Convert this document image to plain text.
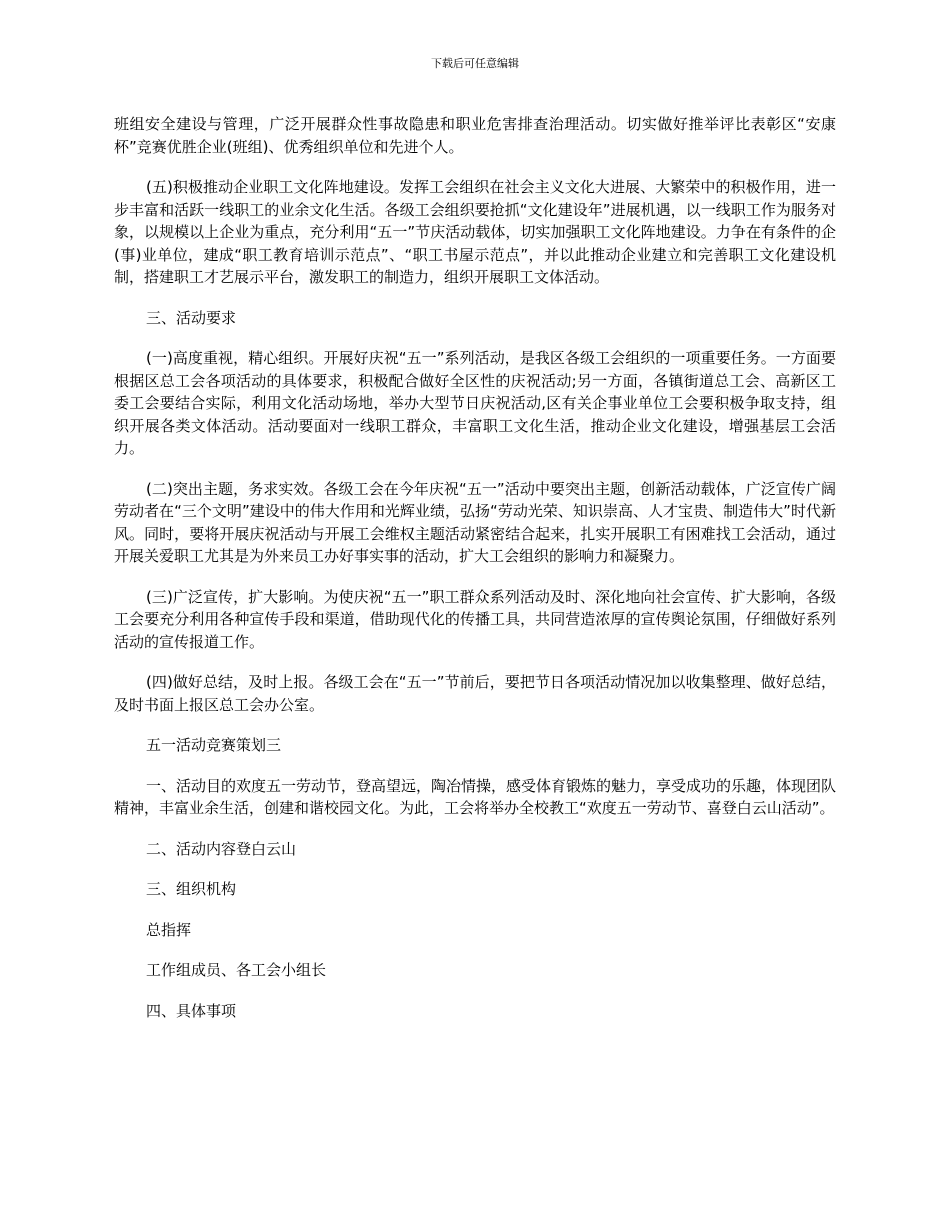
下载后可任意编辑

班组安全建设与管理，广泛开展群众性事故隐患和职业危害排查治理活动。切实做好推举评比表彰区“安康杯”竞赛优胜企业(班组)、优秀组织单位和先进个人。

(五)积极推动企业职工文化阵地建设。发挥工会组织在社会主义文化大进展、大繁荣中的积极作用，进一步丰富和活跃一线职工的业余文化生活。各级工会组织要抢抓“文化建设年”进展机遇，以一线职工作为服务对象，以规模以上企业为重点，充分利用“五一”节庆活动载体，切实加强职工文化阵地建设。力争在有条件的企(事)业单位，建成“职工教育培训示范点”、“职工书屋示范点”，并以此推动企业建立和完善职工文化建设机制，搭建职工才艺展示平台，激发职工的制造力，组织开展职工文体活动。

三、活动要求

(一)高度重视，精心组织。开展好庆祝“五一”系列活动，是我区各级工会组织的一项重要任务。一方面要根据区总工会各项活动的具体要求，积极配合做好全区性的庆祝活动;另一方面，各镇街道总工会、高新区工委工会要结合实际，利用文化活动场地，举办大型节日庆祝活动,区有关企事业单位工会要积极争取支持，组织开展各类文体活动。活动要面对一线职工群众，丰富职工文化生活，推动企业文化建设，增强基层工会活力。

(二)突出主题，务求实效。各级工会在今年庆祝“五一”活动中要突出主题，创新活动载体，广泛宣传广阔劳动者在“三个文明”建设中的伟大作用和光辉业绩，弘扬“劳动光荣、知识崇高、人才宝贵、制造伟大”时代新风。同时，要将开展庆祝活动与开展工会维权主题活动紧密结合起来，扎实开展职工有困难找工会活动，通过开展关爱职工尤其是为外来员工办好事实事的活动，扩大工会组织的影响力和凝聚力。

(三)广泛宣传，扩大影响。为使庆祝“五一”职工群众系列活动及时、深化地向社会宣传、扩大影响，各级工会要充分利用各种宣传手段和渠道，借助现代化的传播工具，共同营造浓厚的宣传舆论氛围，仔细做好系列活动的宣传报道工作。

(四)做好总结，及时上报。各级工会在“五一”节前后，要把节日各项活动情况加以收集整理、做好总结，及时书面上报区总工会办公室。

五一活动竞赛策划三

一、活动目的欢度五一劳动节，登高望远，陶冶情操，感受体育锻炼的魅力，享受成功的乐趣，体现团队精神，丰富业余生活，创建和谐校园文化。为此，工会将举办全校教工“欢度五一劳动节、喜登白云山活动”。

二、活动内容登白云山

三、组织机构

总指挥

工作组成员、各工会小组长

四、具体事项
